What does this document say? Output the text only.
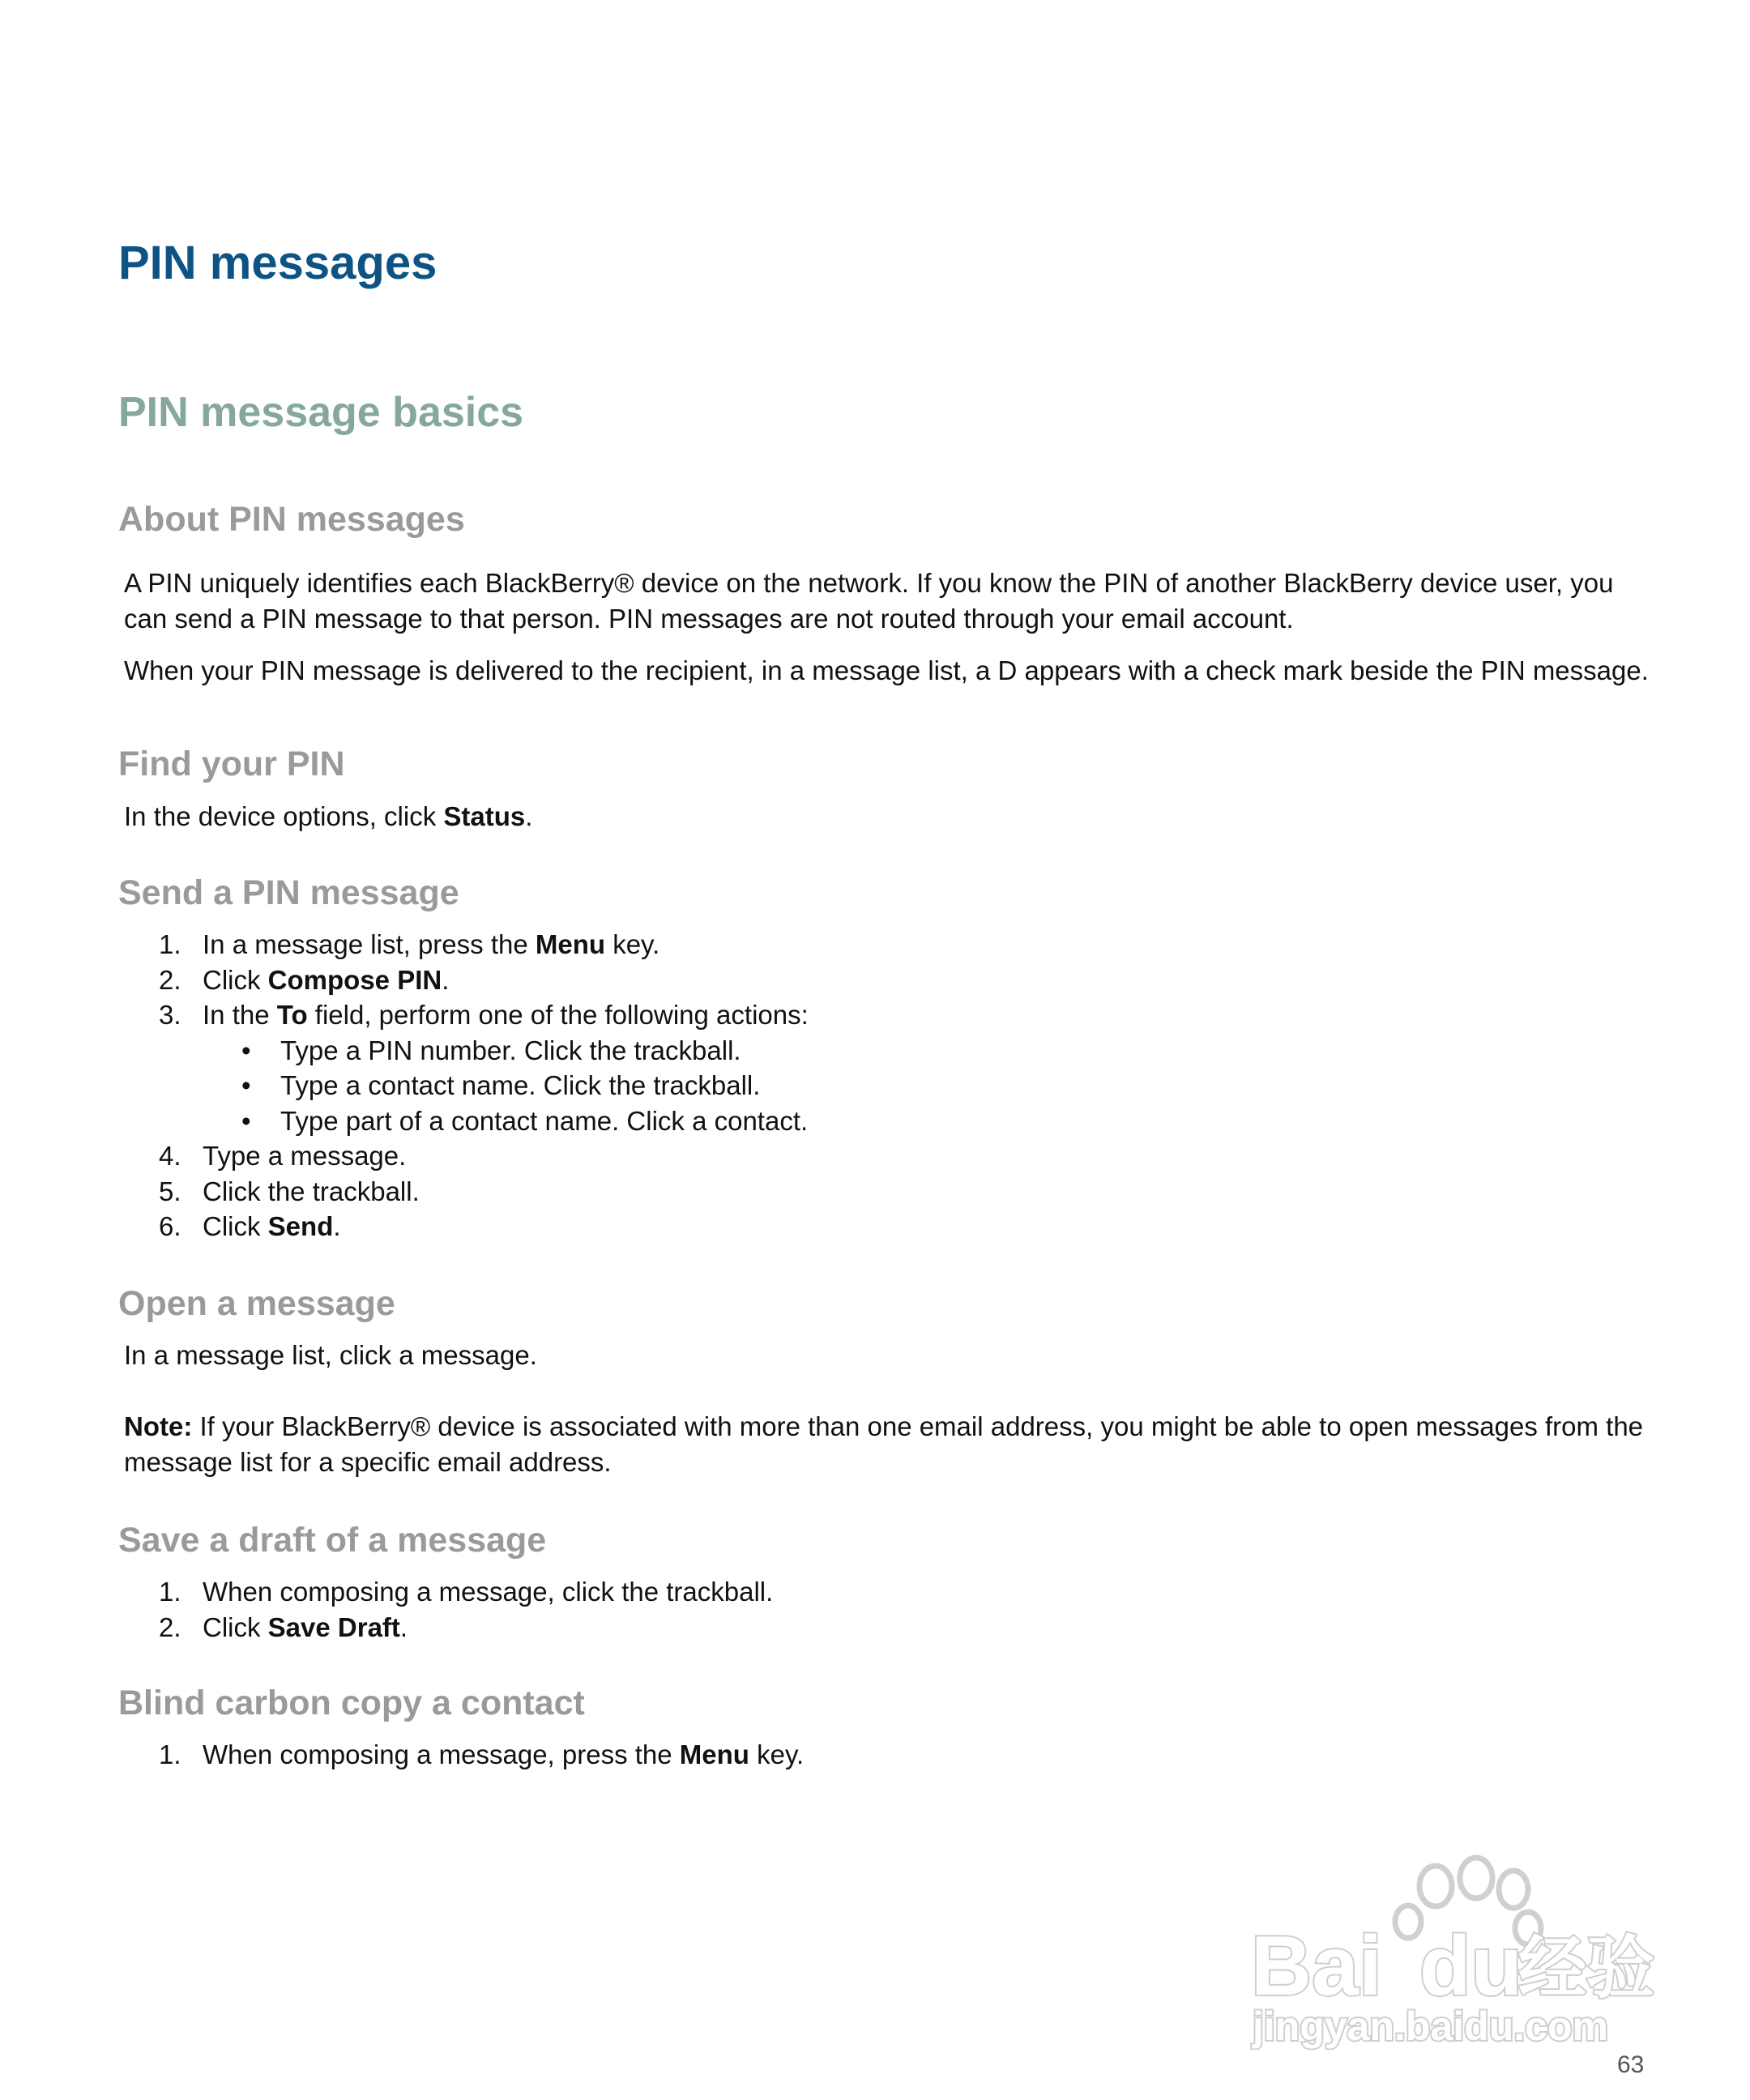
PIN messages
PIN message basics
About PIN messages

A PIN uniquely identifies each BlackBerry® device on the network. If you know the PIN of another BlackBerry device user, you can send a PIN message to that person. PIN messages are not routed through your email account.

When your PIN message is delivered to the recipient, in a message list, a D appears with a check mark beside the PIN message.

Find your PIN

In the device options, click Status.

Send a PIN message
1. In a message list, press the Menu key.
2. Click Compose PIN.
3. In the To field, perform one of the following actions:
• Type a PIN number. Click the trackball.
• Type a contact name. Click the trackball.
• Type part of a contact name. Click a contact.
4. Type a message.
5. Click the trackball.
6. Click Send.
Open a message

In a message list, click a message.

Note: If your BlackBerry® device is associated with more than one email address, you might be able to open messages from the message list for a specific email address.

Save a draft of a message
1. When composing a message, click the trackball.
2. Click Save Draft.
Blind carbon copy a contact
1. When composing a message, press the Menu key.
Bai du
经验
jingyan.baidu.com
63
